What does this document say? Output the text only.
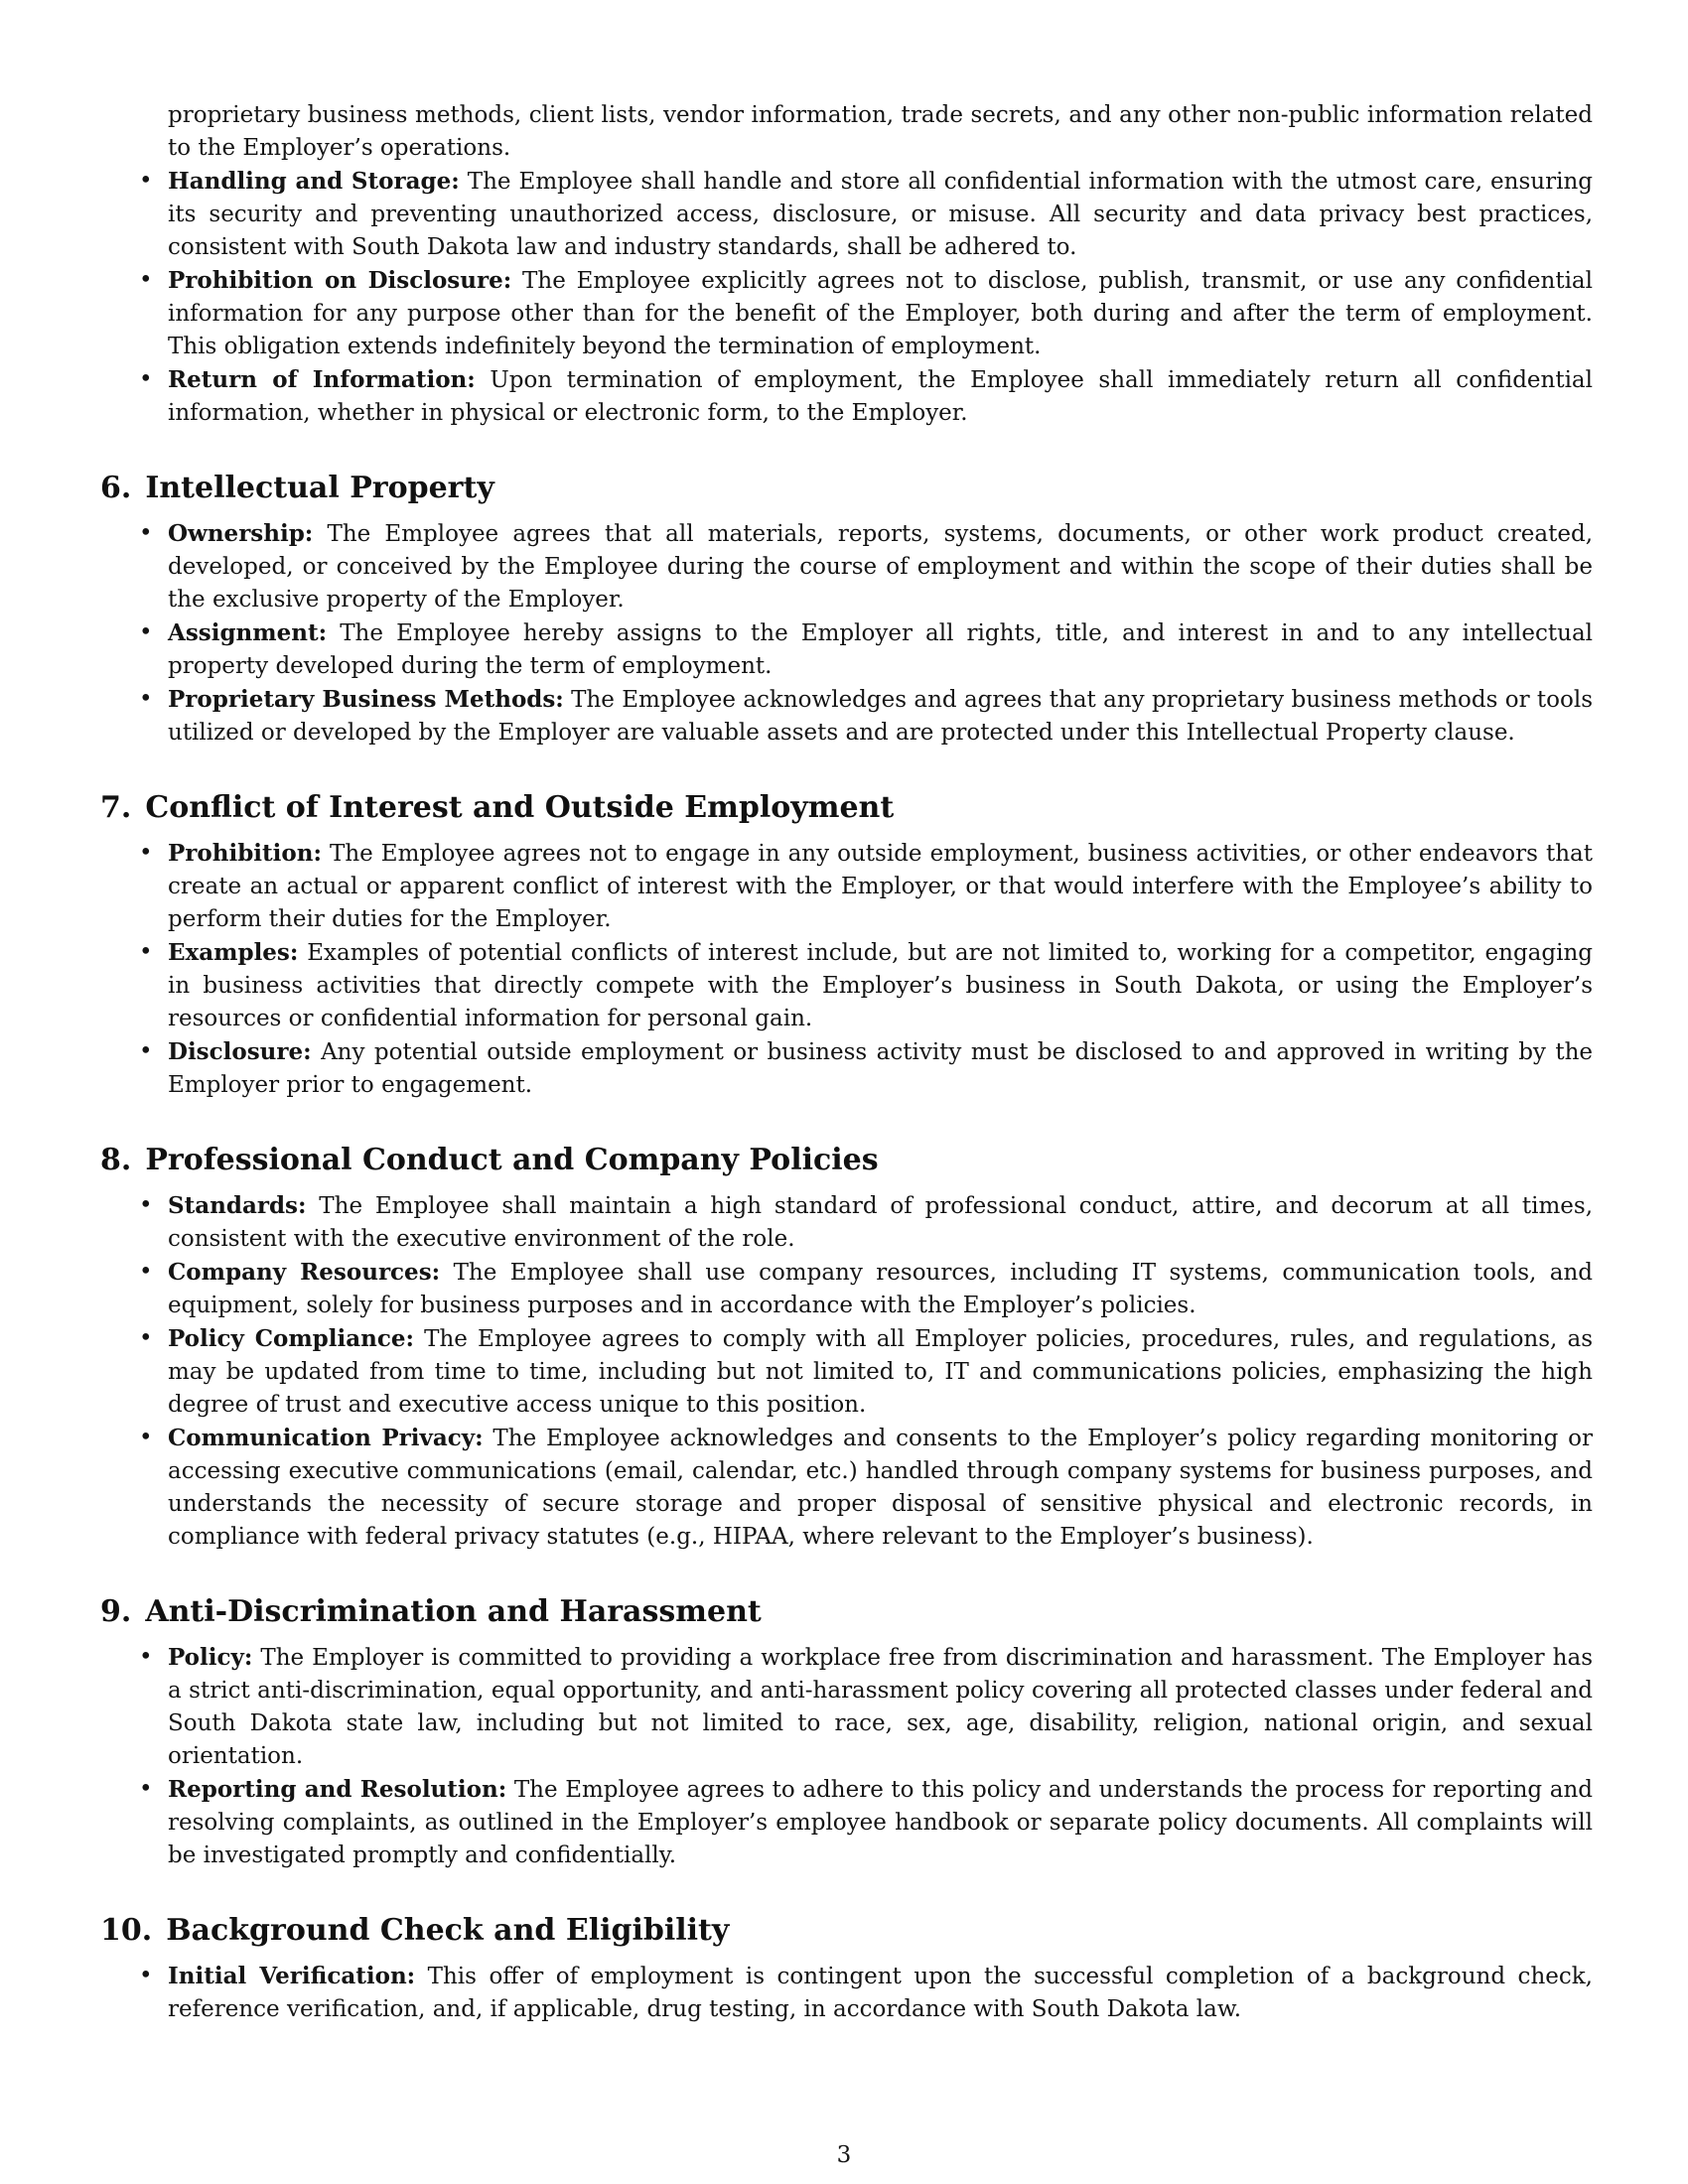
proprietary business methods, client lists, vendor information, trade secrets, and any other non-public information related to the Employer’s operations.

• Handling and Storage: The Employee shall handle and store all confidential information with the utmost care, ensuring its security and preventing unauthorized access, disclosure, or misuse. All security and data privacy best practices, consistent with South Dakota law and industry standards, shall be adhered to.
• Prohibition on Disclosure: The Employee explicitly agrees not to disclose, publish, transmit, or use any confidential information for any purpose other than for the benefit of the Employer, both during and after the term of employment. This obligation extends indefinitely beyond the termination of employment.
• Return of Information: Upon termination of employment, the Employee shall immediately return all confidential information, whether in physical or electronic form, to the Employer.
6. Intellectual Property
• Ownership: The Employee agrees that all materials, reports, systems, documents, or other work product created, developed, or conceived by the Employee during the course of employment and within the scope of their duties shall be the exclusive property of the Employer.
• Assignment: The Employee hereby assigns to the Employer all rights, title, and interest in and to any intellectual property developed during the term of employment.
• Proprietary Business Methods: The Employee acknowledges and agrees that any proprietary business methods or tools utilized or developed by the Employer are valuable assets and are protected under this Intellectual Property clause.
7. Conflict of Interest and Outside Employment
• Prohibition: The Employee agrees not to engage in any outside employment, business activities, or other endeavors that create an actual or apparent conflict of interest with the Employer, or that would interfere with the Employee’s ability to perform their duties for the Employer.
• Examples: Examples of potential conflicts of interest include, but are not limited to, working for a competitor, engaging in business activities that directly compete with the Employer’s business in South Dakota, or using the Employer’s resources or confidential information for personal gain.
• Disclosure: Any potential outside employment or business activity must be disclosed to and approved in writing by the Employer prior to engagement.
8. Professional Conduct and Company Policies
• Standards: The Employee shall maintain a high standard of professional conduct, attire, and decorum at all times, consistent with the executive environment of the role.
• Company Resources: The Employee shall use company resources, including IT systems, communication tools, and equipment, solely for business purposes and in accordance with the Employer’s policies.
• Policy Compliance: The Employee agrees to comply with all Employer policies, procedures, rules, and regulations, as may be updated from time to time, including but not limited to, IT and communications policies, emphasizing the high degree of trust and executive access unique to this position.
• Communication Privacy: The Employee acknowledges and consents to the Employer’s policy regarding monitoring or accessing executive communications (email, calendar, etc.) handled through company systems for business purposes, and understands the necessity of secure storage and proper disposal of sensitive physical and electronic records, in compliance with federal privacy statutes (e.g., HIPAA, where relevant to the Employer’s business).
9. Anti-Discrimination and Harassment
• Policy: The Employer is committed to providing a workplace free from discrimination and harassment. The Employer has a strict anti-discrimination, equal opportunity, and anti-harassment policy covering all protected classes under federal and South Dakota state law, including but not limited to race, sex, age, disability, religion, national origin, and sexual orientation.
• Reporting and Resolution: The Employee agrees to adhere to this policy and understands the process for reporting and resolving complaints, as outlined in the Employer’s employee handbook or separate policy documents. All complaints will be investigated promptly and confidentially.
10. Background Check and Eligibility
• Initial Verification: This offer of employment is contingent upon the successful completion of a background check, reference verification, and, if applicable, drug testing, in accordance with South Dakota law.
3
